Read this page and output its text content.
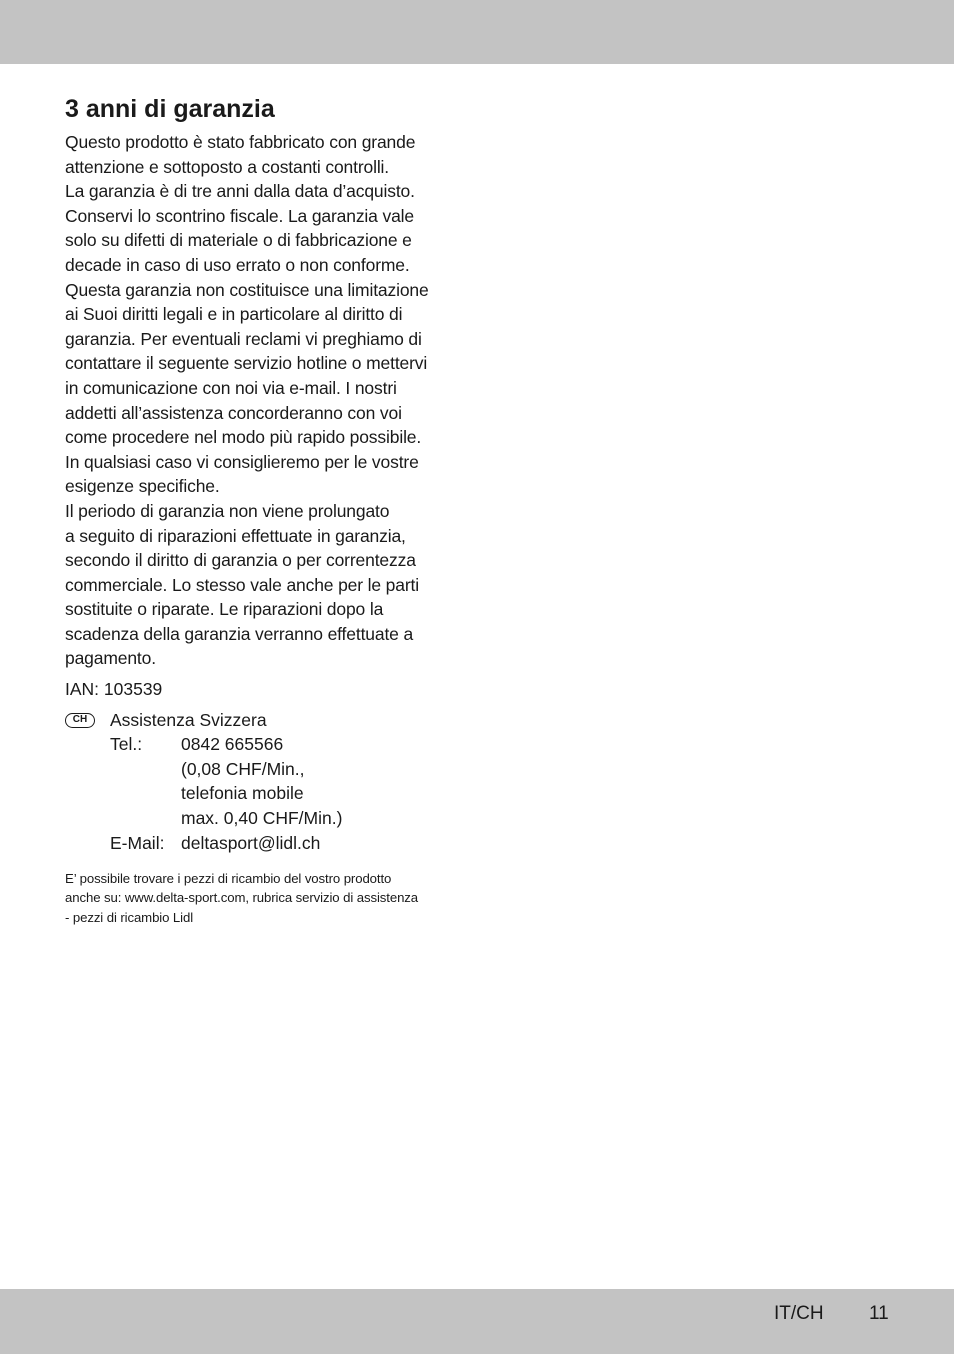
3 anni di garanzia

Questo prodotto è stato fabbricato con grande

attenzione e sottoposto a costanti controlli.

La garanzia è di tre anni dalla data d’acquisto.

Conservi lo scontrino fiscale. La garanzia vale

solo su difetti di materiale o di fabbricazione e

decade in caso di uso errato o non conforme.

Questa garanzia non costituisce una limitazione

ai Suoi diritti legali e in particolare al diritto di

garanzia. Per eventuali reclami vi preghiamo di

contattare il seguente servizio hotline o mettervi

in comunicazione con noi via e-mail. I nostri

addetti all’assistenza concorderanno con voi

come procedere nel modo più rapido possibile.

In qualsiasi caso vi consiglieremo per le vostre

esigenze specifiche.

Il periodo di garanzia non viene prolungato

a seguito di riparazioni effettuate in garanzia,

secondo il diritto di garanzia o per correntezza

commerciale. Lo stesso vale anche per le parti

sostituite o riparate. Le riparazioni dopo la

scadenza della garanzia verranno effettuate a

pagamento.

IAN: 103539
CH	Assistenza Svizzera
Tel.: 0842 665566
(0,08 CHF/Min.,
telefonia mobile
max. 0,40 CHF/Min.)
E-Mail: deltasport@lidl.ch

E’ possibile trovare i pezzi di ricambio del vostro prodotto

anche su: www.delta-sport.com, rubrica servizio di assistenza

- pezzi di ricambio Lidl

IT/CH 11
